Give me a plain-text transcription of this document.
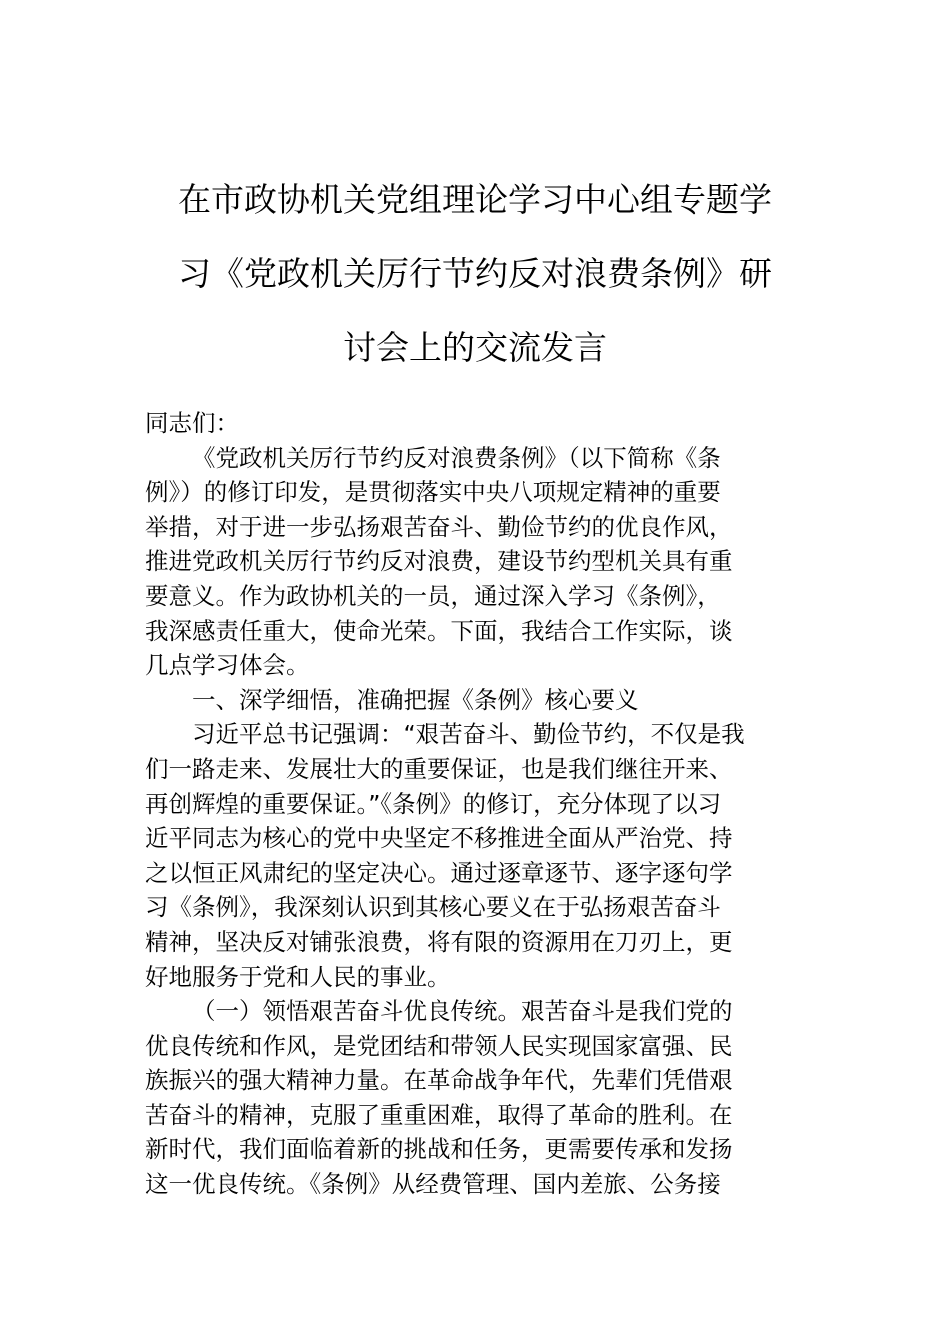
在市政协机关党组理论学习中心组专题学
习《党政机关厉行节约反对浪费条例》研
讨会上的交流发言

同志们：

《党政机关厉行节约反对浪费条例》（以下简称《条
例》）的修订印发，是贯彻落实中央八项规定精神的重要
举措，对于进一步弘扬艰苦奋斗、勤俭节约的优良作风，
推进党政机关厉行节约反对浪费，建设节约型机关具有重
要意义。作为政协机关的一员，通过深入学习《条例》，
我深感责任重大，使命光荣。下面，我结合工作实际，谈
几点学习体会。

一、深学细悟，准确把握《条例》核心要义

习近平总书记强调：“艰苦奋斗、勤俭节约，不仅是我
们一路走来、发展壮大的重要保证，也是我们继往开来、
再创辉煌的重要保证。”《条例》的修订，充分体现了以习
近平同志为核心的党中央坚定不移推进全面从严治党、持
之以恒正风肃纪的坚定决心。通过逐章逐节、逐字逐句学
习《条例》，我深刻认识到其核心要义在于弘扬艰苦奋斗
精神，坚决反对铺张浪费，将有限的资源用在刀刃上，更
好地服务于党和人民的事业。

（一）领悟艰苦奋斗优良传统。艰苦奋斗是我们党的
优良传统和作风，是党团结和带领人民实现国家富强、民
族振兴的强大精神力量。在革命战争年代，先辈们凭借艰
苦奋斗的精神，克服了重重困难，取得了革命的胜利。在
新时代，我们面临着新的挑战和任务，更需要传承和发扬
这一优良传统。《条例》从经费管理、国内差旅、公务接
